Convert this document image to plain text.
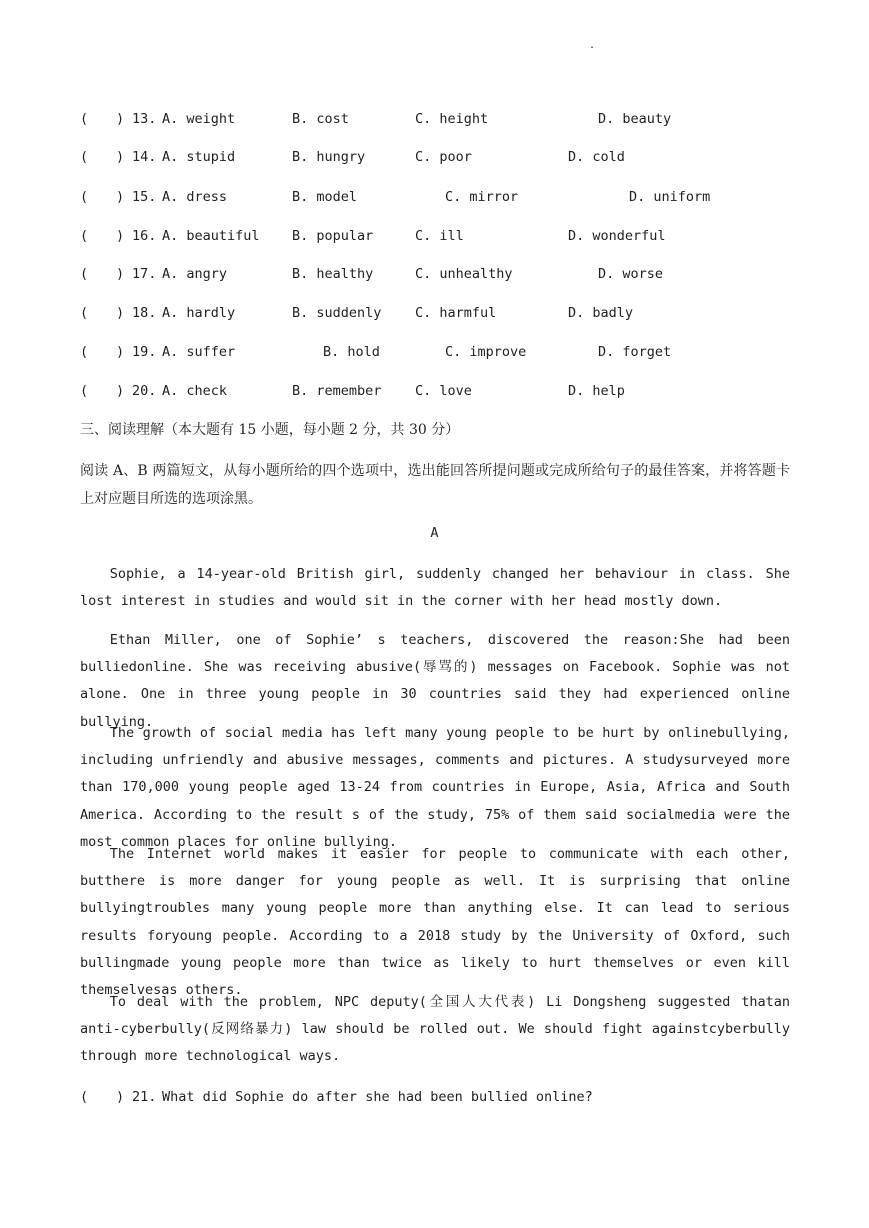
.
( ) 13. A. weight	B. cost	C. height	D. beauty
( ) 14. A. stupid	B. hungry	C. poor	D. cold
( ) 15. A. dress	B. model	C. mirror	D. uniform
( ) 16. A. beautiful B. popular	C. ill	D. wonderful
( ) 17. A. angry	B. healthy	C. unhealthy	D. worse
( ) 18. A. hardly	B. suddenly C. harmful	D. badly
( ) 19. A. suffer	B. hold	C. improve	D. forget
( ) 20. A. check	B. remember C. love	D. help
三、阅读理解（本大题有 15 小题，每小题 2 分，共 30 分）
阅读 A、B 两篇短文，从每小题所给的四个选项中，选出能回答所提问题或完成所给句子的最佳答案，并将答题卡上对应题目所选的选项涂黑。
A
Sophie, a 14-year-old British girl, suddenly changed her behaviour in class. She lost interest in studies and would sit in the corner with her head mostly down.
Ethan Miller, one of Sophie’ s teachers, discovered the reason:She had been bulliedonline. She was receiving abusive(辱骂的) messages on Facebook. Sophie was not alone. One in three young people in 30 countries said they had experienced online bullying.
The growth of social media has left many young people to be hurt by onlinebullying, including unfriendly and abusive messages, comments and pictures. A studysurveyed more than 170,000 young people aged 13-24 from countries in Europe, Asia, Africa and South America. According to the result s of the study, 75% of them said socialmedia were the most common places for online bullying.
The Internet world makes it easier for people to communicate with each other, butthere is more danger for young people as well. It is surprising that online bullyingtroubles many young people more than anything else. It can lead to serious results foryoung people. According to a 2018 study by the University of Oxford, such bullingmade young people more than twice as likely to hurt themselves or even kill themselvesas others.
To deal with the problem, NPC deputy(全国人大代表) Li Dongsheng suggested thatan anti-cyberbully(反网络暴力) law should be rolled out. We should fight againstcyberbully through more technological ways.
( ) 21. What did Sophie do after she had been bullied online?
